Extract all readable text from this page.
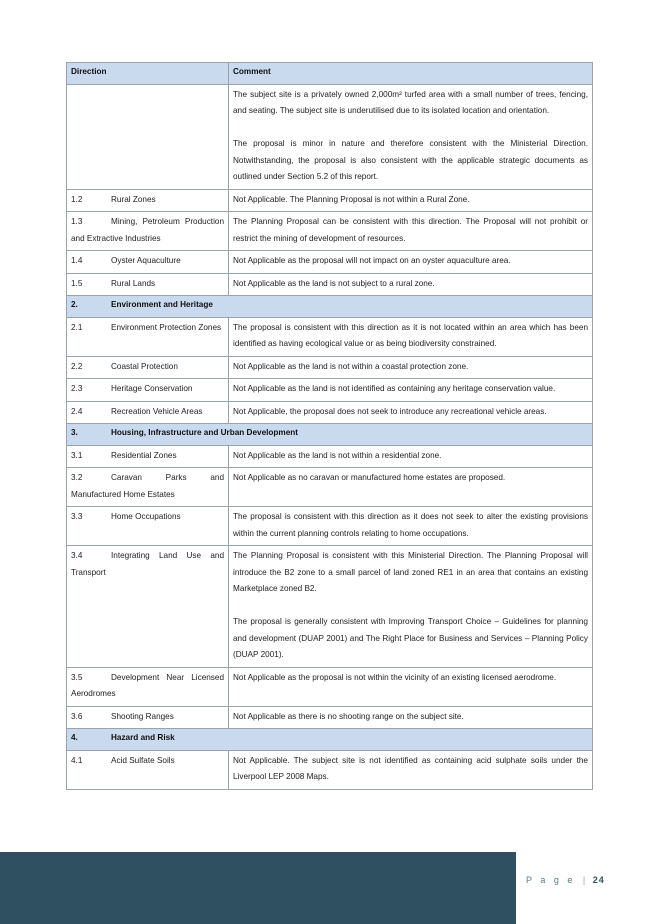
Direction	Comment

	The subject site is a privately owned 2,000m² turfed area with a small number of trees, fencing, and seating. The subject site is underutilised due to its isolated location and orientation.

The proposal is minor in nature and therefore consistent with the Ministerial Direction. Notwithstanding, the proposal is also consistent with the applicable strategic documents as outlined under Section 5.2 of this report.

1.2 Rural Zones	Not Applicable. The Planning Proposal is not within a Rural Zone.
1.3 Mining, Petroleum Production and Extractive Industries	The Planning Proposal can be consistent with this direction. The Proposal will not prohibit or restrict the mining of development of resources.
1.4 Oyster Aquaculture	Not Applicable as the proposal will not impact on an oyster aquaculture area.
1.5 Rural Lands	Not Applicable as the land is not subject to a rural zone.
2. Environment and Heritage	
2.1 Environment Protection Zones	The proposal is consistent with this direction as it is not located within an area which has been identified as having ecological value or as being biodiversity constrained.
2.2 Coastal Protection	Not Applicable as the land is not within a coastal protection zone.
2.3 Heritage Conservation	Not Applicable as the land is not identified as containing any heritage conservation value.
2.4 Recreation Vehicle Areas	Not Applicable, the proposal does not seek to introduce any recreational vehicle areas.
3. Housing, Infrastructure and Urban Development	
3.1 Residential Zones	Not Applicable as the land is not within a residential zone.
3.2 Caravan Parks and Manufactured Home Estates	Not Applicable as no caravan or manufactured home estates are proposed.
3.3 Home Occupations	The proposal is consistent with this direction as it does not seek to alter the existing provisions within the current planning controls relating to home occupations.
3.4 Integrating Land Use and Transport	The Planning Proposal is consistent with this Ministerial Direction. The Planning Proposal will introduce the B2 zone to a small parcel of land zoned RE1 in an area that contains an existing Marketplace zoned B2.

The proposal is generally consistent with Improving Transport Choice – Guidelines for planning and development (DUAP 2001) and The Right Place for Business and Services – Planning Policy (DUAP 2001).

3.5 Development Near Licensed Aerodromes	Not Applicable as the proposal is not within the vicinity of an existing licensed aerodrome.
3.6 Shooting Ranges	Not Applicable as there is no shooting range on the subject site.
4. Hazard and Risk	
4.1 Acid Sulfate Soils	Not Applicable. The subject site is not identified as containing acid sulphate soils under the Liverpool LEP 2008 Maps.
P a g e | 24
